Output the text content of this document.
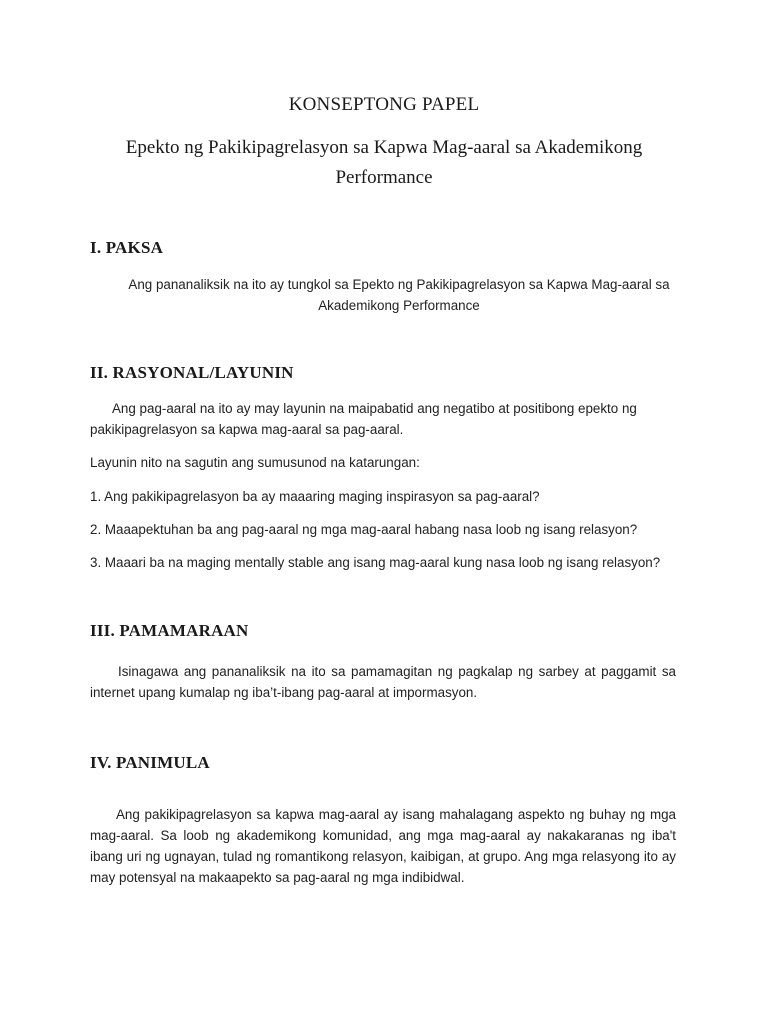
KONSEPTONG PAPEL
Epekto ng Pakikipagrelasyon sa Kapwa Mag-aaral sa Akademikong Performance
I. PAKSA
Ang pananaliksik na ito ay tungkol sa Epekto ng Pakikipagrelasyon sa Kapwa Mag-aaral sa Akademikong Performance
II. RASYONAL/LAYUNIN
Ang pag-aaral na ito ay may layunin na maipabatid ang negatibo at positibong epekto ng pakikipagrelasyon sa kapwa mag-aaral sa pag-aaral.
Layunin nito na sagutin ang sumusunod na katarungan:
1. Ang pakikipagrelasyon ba ay maaaring maging inspirasyon sa pag-aaral?
2. Maaapektuhan ba ang pag-aaral ng mga mag-aaral habang nasa loob ng isang relasyon?
3. Maaari ba na maging mentally stable ang isang mag-aaral kung nasa loob ng isang relasyon?
III. PAMAMARAAN
Isinagawa ang pananaliksik na ito sa pamamagitan ng pagkalap ng sarbey at paggamit sa internet upang kumalap ng iba’t-ibang pag-aaral at impormasyon.
IV. PANIMULA
Ang pakikipagrelasyon sa kapwa mag-aaral ay isang mahalagang aspekto ng buhay ng mga mag-aaral. Sa loob ng akademikong komunidad, ang mga mag-aaral ay nakakaranas ng iba't ibang uri ng ugnayan, tulad ng romantikong relasyon, kaibigan, at grupo. Ang mga relasyong ito ay may potensyal na makaapekto sa pag-aaral ng mga indibidwal.
